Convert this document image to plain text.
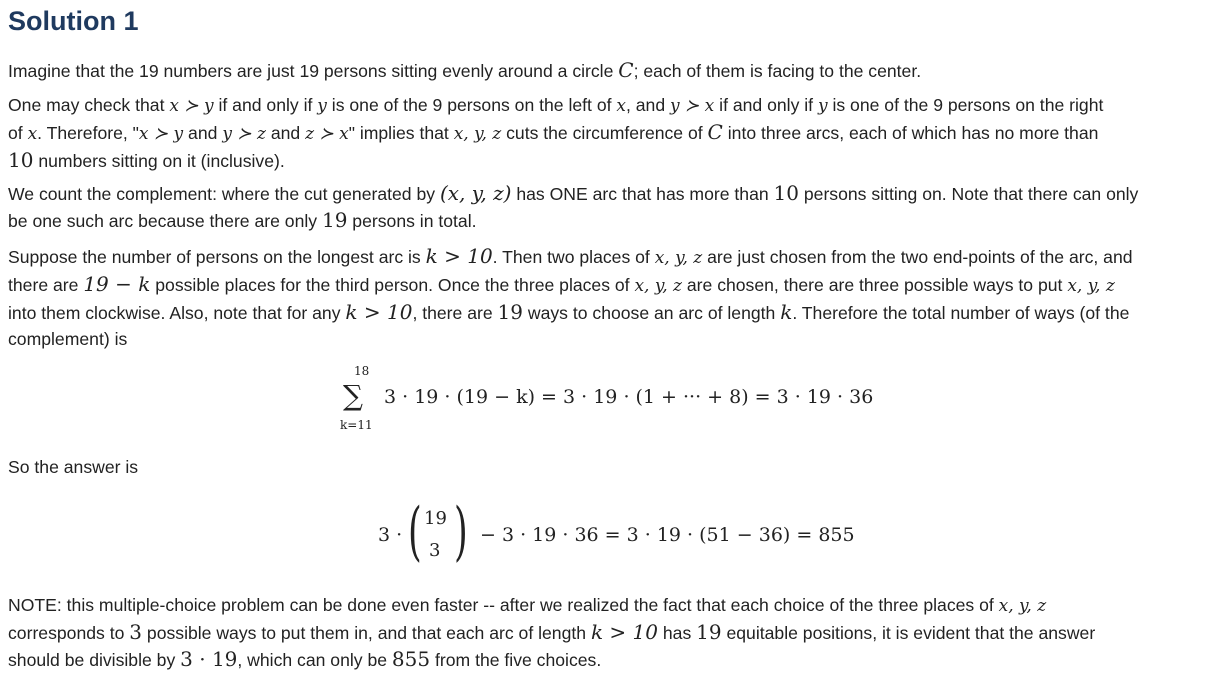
Solution 1

Imagine that the 19 numbers are just 19 persons sitting evenly around a circle C; each of them is facing to the center.

One may check that x ≻ y if and only if y is one of the 9 persons on the left of x, and y ≻ x if and only if y is one of the 9 persons on the right
of x. Therefore, "x ≻ y and y ≻ z and z ≻ x" implies that x, y, z cuts the circumference of C into three arcs, each of which has no more than
10 numbers sitting on it (inclusive).

We count the complement: where the cut generated by (x, y, z) has ONE arc that has more than 10 persons sitting on. Note that there can only
be one such arc because there are only 19 persons in total.

Suppose the number of persons on the longest arc is k > 10. Then two places of x, y, z are just chosen from the two end-points of the arc, and
there are 19 − k possible places for the third person. Once the three places of x, y, z are chosen, there are three possible ways to put x, y, z
into them clockwise. Also, note that for any k > 10, there are 19 ways to choose an arc of length k. Therefore the total number of ways (of the
complement) is

18
∑
k=11
3 · 19 · (19 − k) = 3 · 19 · (1 + ··· + 8) = 3 · 19 · 36

So the answer is

3 · ( 19
3 ) − 3 · 19 · 36 = 3 · 19 · (51 − 36) = 855

NOTE: this multiple-choice problem can be done even faster -- after we realized the fact that each choice of the three places of x, y, z
corresponds to 3 possible ways to put them in, and that each arc of length k > 10 has 19 equitable positions, it is evident that the answer
should be divisible by 3 · 19, which can only be 855 from the five choices.
